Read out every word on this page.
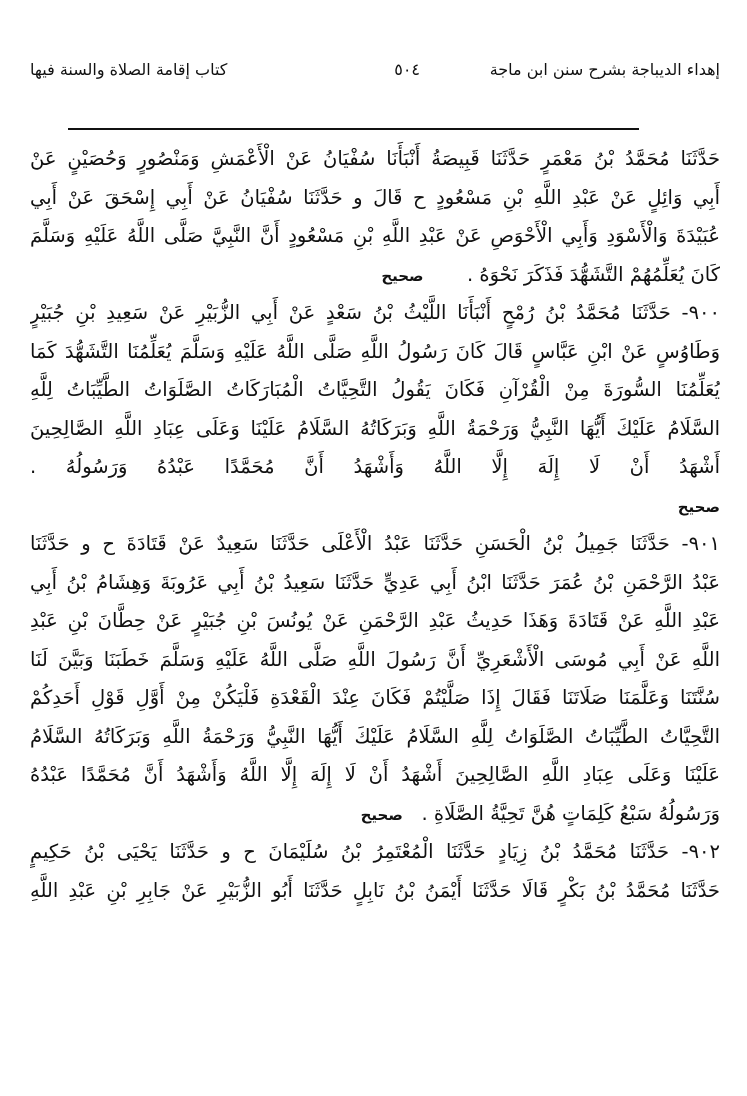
إهداء الديباجة بشرح سنن ابن ماجة
٥٠٤
كتاب إقامة الصلاة والسنة فيها
حَدَّثَنَا مُحَمَّدُ بْنُ مَعْمَرٍ حَدَّثَنَا قَبِيصَةُ أَنْبَأَنَا سُفْيَانُ عَنْ الْأَعْمَشِ وَمَنْصُورٍ وَحُصَيْنٍ عَنْ
أَبِي وَائِلٍ عَنْ عَبْدِ اللَّهِ بْنِ مَسْعُودٍ ح قَالَ و حَدَّثَنَا سُفْيَانُ عَنْ أَبِي إِسْحَقَ عَنْ أَبِي
عُبَيْدَةَ وَالْأَسْوَدِ وَأَبِي الْأَحْوَصِ عَنْ عَبْدِ اللَّهِ بْنِ مَسْعُودٍ أَنَّ النَّبِيَّ صَلَّى اللَّهُ عَلَيْهِ وَسَلَّمَ
كَانَ يُعَلِّمُهُمْ التَّشَهُّدَ فَذَكَرَ نَحْوَهُ .       صحيح
٩٠٠- حَدَّثَنَا مُحَمَّدُ بْنُ رُمْحٍ أَنْبَأَنَا اللَّيْثُ بْنُ سَعْدٍ عَنْ أَبِي الزُّبَيْرِ عَنْ سَعِيدِ بْنِ جُبَيْرٍ
وَطَاوُسٍ عَنْ ابْنِ عَبَّاسٍ قَالَ كَانَ رَسُولُ اللَّهِ صَلَّى اللَّهُ عَلَيْهِ وَسَلَّمَ يُعَلِّمُنَا التَّشَهُّدَ كَمَا
يُعَلِّمُنَا السُّورَةَ مِنْ الْقُرْآنِ فَكَانَ يَقُولُ التَّحِيَّاتُ الْمُبَارَكَاتُ الصَّلَوَاتُ الطَّيِّبَاتُ لِلَّهِ
السَّلَامُ عَلَيْكَ أَيُّهَا النَّبِيُّ وَرَحْمَةُ اللَّهِ وَبَرَكَاتُهُ السَّلَامُ عَلَيْنَا وَعَلَى عِبَادِ اللَّهِ الصَّالِحِينَ
أَشْهَدُ أَنْ لَا إِلَهَ إِلَّا اللَّهُ وَأَشْهَدُ أَنَّ مُحَمَّدًا عَبْدُهُ وَرَسُولُهُ .
صحيح
٩٠١- حَدَّثَنَا جَمِيلُ بْنُ الْحَسَنِ حَدَّثَنَا عَبْدُ الْأَعْلَى حَدَّثَنَا سَعِيدٌ عَنْ قَتَادَةَ ح و حَدَّثَنَا
عَبْدُ الرَّحْمَنِ بْنُ عُمَرَ حَدَّثَنَا ابْنُ أَبِي عَدِيٍّ حَدَّثَنَا سَعِيدُ بْنُ أَبِي عَرُوبَةَ وَهِشَامُ بْنُ أَبِي
عَبْدِ اللَّهِ عَنْ قَتَادَةَ وَهَذَا حَدِيثُ عَبْدِ الرَّحْمَنِ عَنْ يُونُسَ بْنِ جُبَيْرٍ عَنْ حِطَّانَ بْنِ عَبْدِ
اللَّهِ عَنْ أَبِي مُوسَى الْأَشْعَرِيِّ أَنَّ رَسُولَ اللَّهِ صَلَّى اللَّهُ عَلَيْهِ وَسَلَّمَ خَطَبَنَا وَبَيَّنَ لَنَا
سُنَّتَنَا وَعَلَّمَنَا صَلَاتَنَا فَقَالَ إِذَا صَلَّيْتُمْ فَكَانَ عِنْدَ الْقَعْدَةِ فَلْيَكُنْ مِنْ أَوَّلِ قَوْلِ أَحَدِكُمْ
التَّحِيَّاتُ الطَّيِّبَاتُ الصَّلَوَاتُ لِلَّهِ السَّلَامُ عَلَيْكَ أَيُّهَا النَّبِيُّ وَرَحْمَةُ اللَّهِ وَبَرَكَاتُهُ السَّلَامُ
عَلَيْنَا وَعَلَى عِبَادِ اللَّهِ الصَّالِحِينَ أَشْهَدُ أَنْ لَا إِلَهَ إِلَّا اللَّهُ وَأَشْهَدُ أَنَّ مُحَمَّدًا عَبْدُهُ
وَرَسُولُهُ سَبْعُ كَلِمَاتٍ هُنَّ تَحِيَّةُ الصَّلَاةِ .   صحيح
٩٠٢- حَدَّثَنَا مُحَمَّدُ بْنُ زِيَادٍ حَدَّثَنَا الْمُعْتَمِرُ بْنُ سُلَيْمَانَ ح و حَدَّثَنَا يَحْيَى بْنُ حَكِيمٍ
حَدَّثَنَا مُحَمَّدُ بْنُ بَكْرٍ قَالَا حَدَّثَنَا أَيْمَنُ بْنُ نَابِلٍ حَدَّثَنَا أَبُو الزُّبَيْرِ عَنْ جَابِرِ بْنِ عَبْدِ اللَّهِ
